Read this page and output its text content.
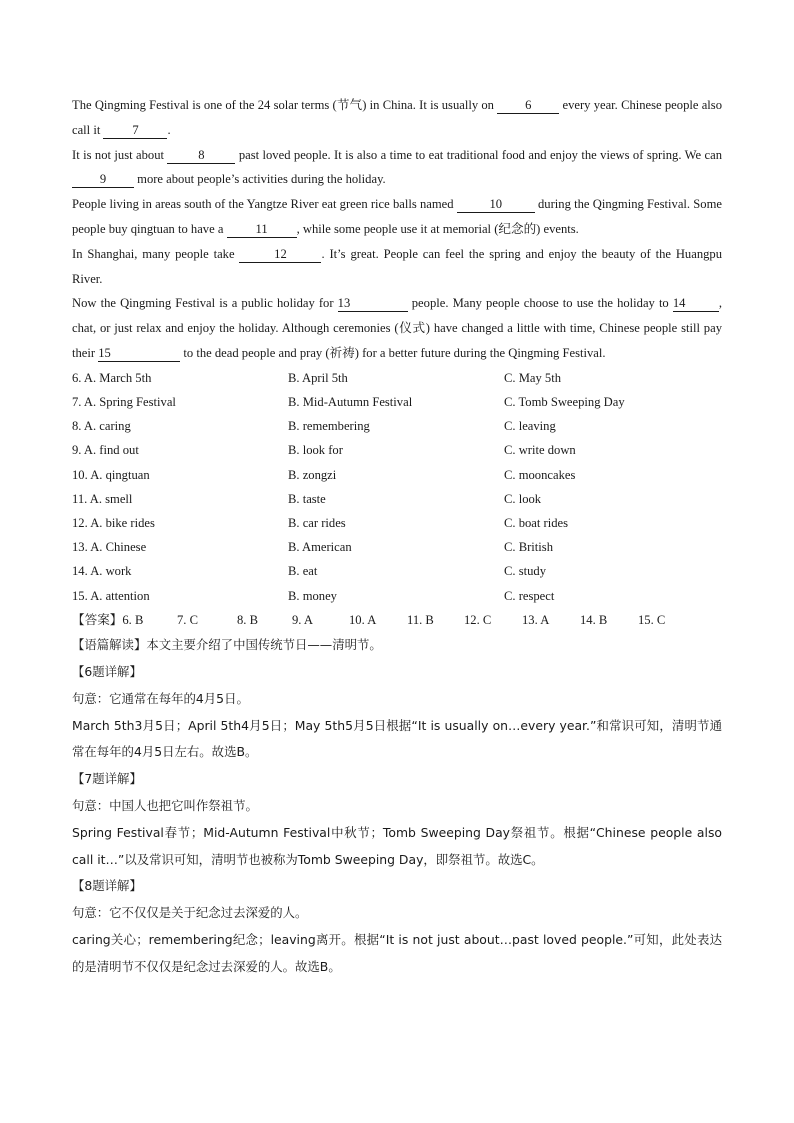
The Qingming Festival is one of the 24 solar terms (节气) in China. It is usually on 6 every year. Chinese people also call it 7 .

It is not just about 8 past loved people. It is also a time to eat traditional food and enjoy the views of spring. We can 9 more about people’s activities during the holiday.

People living in areas south of the Yangtze River eat green rice balls named	10	during the Qingming Festival. Some people buy qingtuan to have a 11 , while some people use it at memorial (纪念的) events.

In Shanghai, many people take	12	. It’s great. People can feel the spring and enjoy the beauty of the Huangpu River.

Now the Qingming Festival is a public holiday for 13	people. Many people choose to use the holiday to 14	, chat, or just relax and enjoy the holiday. Although ceremonies (仪式) have changed a little with time, Chinese people still pay their 15	to the dead people and pray (祈祷) for a better future during the Qingming Festival.

6. A. March 5th	B. April 5th	C. May 5th
7. A. Spring Festival	B. Mid-Autumn Festival	C. Tomb Sweeping Day
8. A. caring	B. remembering	C. leaving
9. A. find out	B. look for	C. write down
10. A. qingtuan	B. zongzi	C. mooncakes
11. A. smell	B. taste	C. look
12. A. bike rides	B. car rides	C. boat rides
13. A. Chinese	B. American	C. British
14. A. work	B. eat	C. study
15. A. attention	B. money	C. respect
【答案】6. B	7. C	8. B	9. A	10. A	11. B	12. C	13. A	14. B	15. C

【语篇解读】本文主要介绍了中国传统节日——清明节。

【6题详解】

句意：它通常在每年的4月5日。

March 5th3月5日；April 5th4月5日；May 5th5月5日根据“It is usually on…every year.”和常识可知，清明节通常在每年的4月5日左右。故选B。

【7题详解】

句意：中国人也把它叫作祭祖节。

Spring Festival春节；Mid-Autumn Festival中秋节；Tomb Sweeping Day祭祖节。根据“Chinese people also call it…”以及常识可知，清明节也被称为Tomb Sweeping Day，即祭祖节。故选C。

【8题详解】

句意：它不仅仅是关于纪念过去深爱的人。

caring关心；remembering纪念；leaving离开。根据“It is not just about…past loved people.”可知，此处表达的是清明节不仅仅是纪念过去深爱的人。故选B。
